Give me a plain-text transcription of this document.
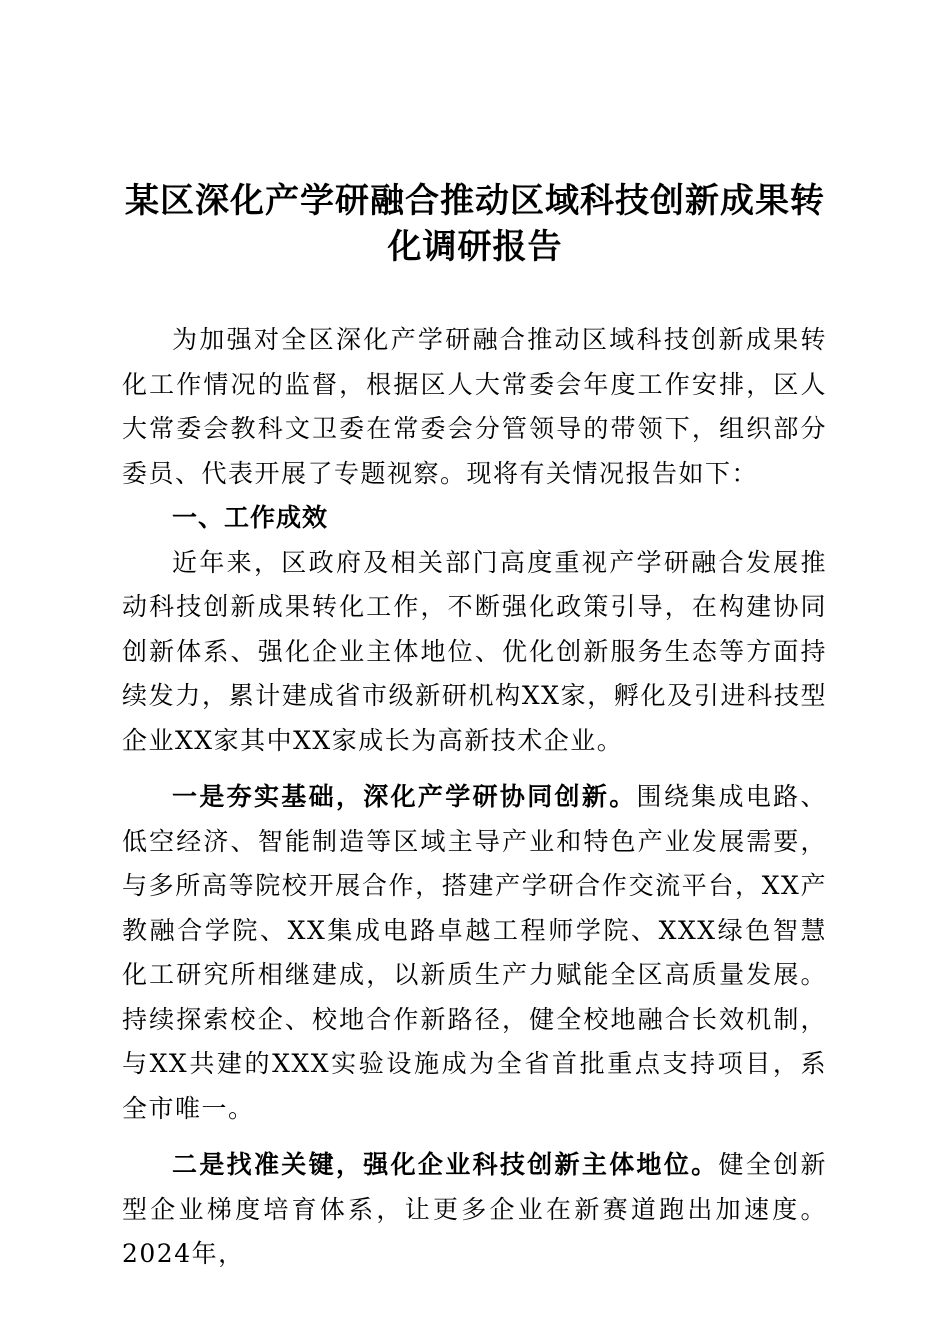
某区深化产学研融合推动区域科技创新成果转化调研报告

为加强对全区深化产学研融合推动区域科技创新成果转化工作情况的监督，根据区人大常委会年度工作安排，区人大常委会教科文卫委在常委会分管领导的带领下，组织部分委员、代表开展了专题视察。现将有关情况报告如下：

一、工作成效

近年来，区政府及相关部门高度重视产学研融合发展推动科技创新成果转化工作，不断强化政策引导，在构建协同创新体系、强化企业主体地位、优化创新服务生态等方面持续发力，累计建成省市级新研机构XX家，孵化及引进科技型企业XX家其中XX家成长为高新技术企业。

一是夯实基础，深化产学研协同创新。围绕集成电路、低空经济、智能制造等区域主导产业和特色产业发展需要，与多所高等院校开展合作，搭建产学研合作交流平台，XX产教融合学院、XX集成电路卓越工程师学院、XXX绿色智慧化工研究所相继建成，以新质生产力赋能全区高质量发展。持续探索校企、校地合作新路径，健全校地融合长效机制，与XX共建的XXX实验设施成为全省首批重点支持项目，系全市唯一。

二是找准关键，强化企业科技创新主体地位。健全创新型企业梯度培育体系，让更多企业在新赛道跑出加速度。2024年，
